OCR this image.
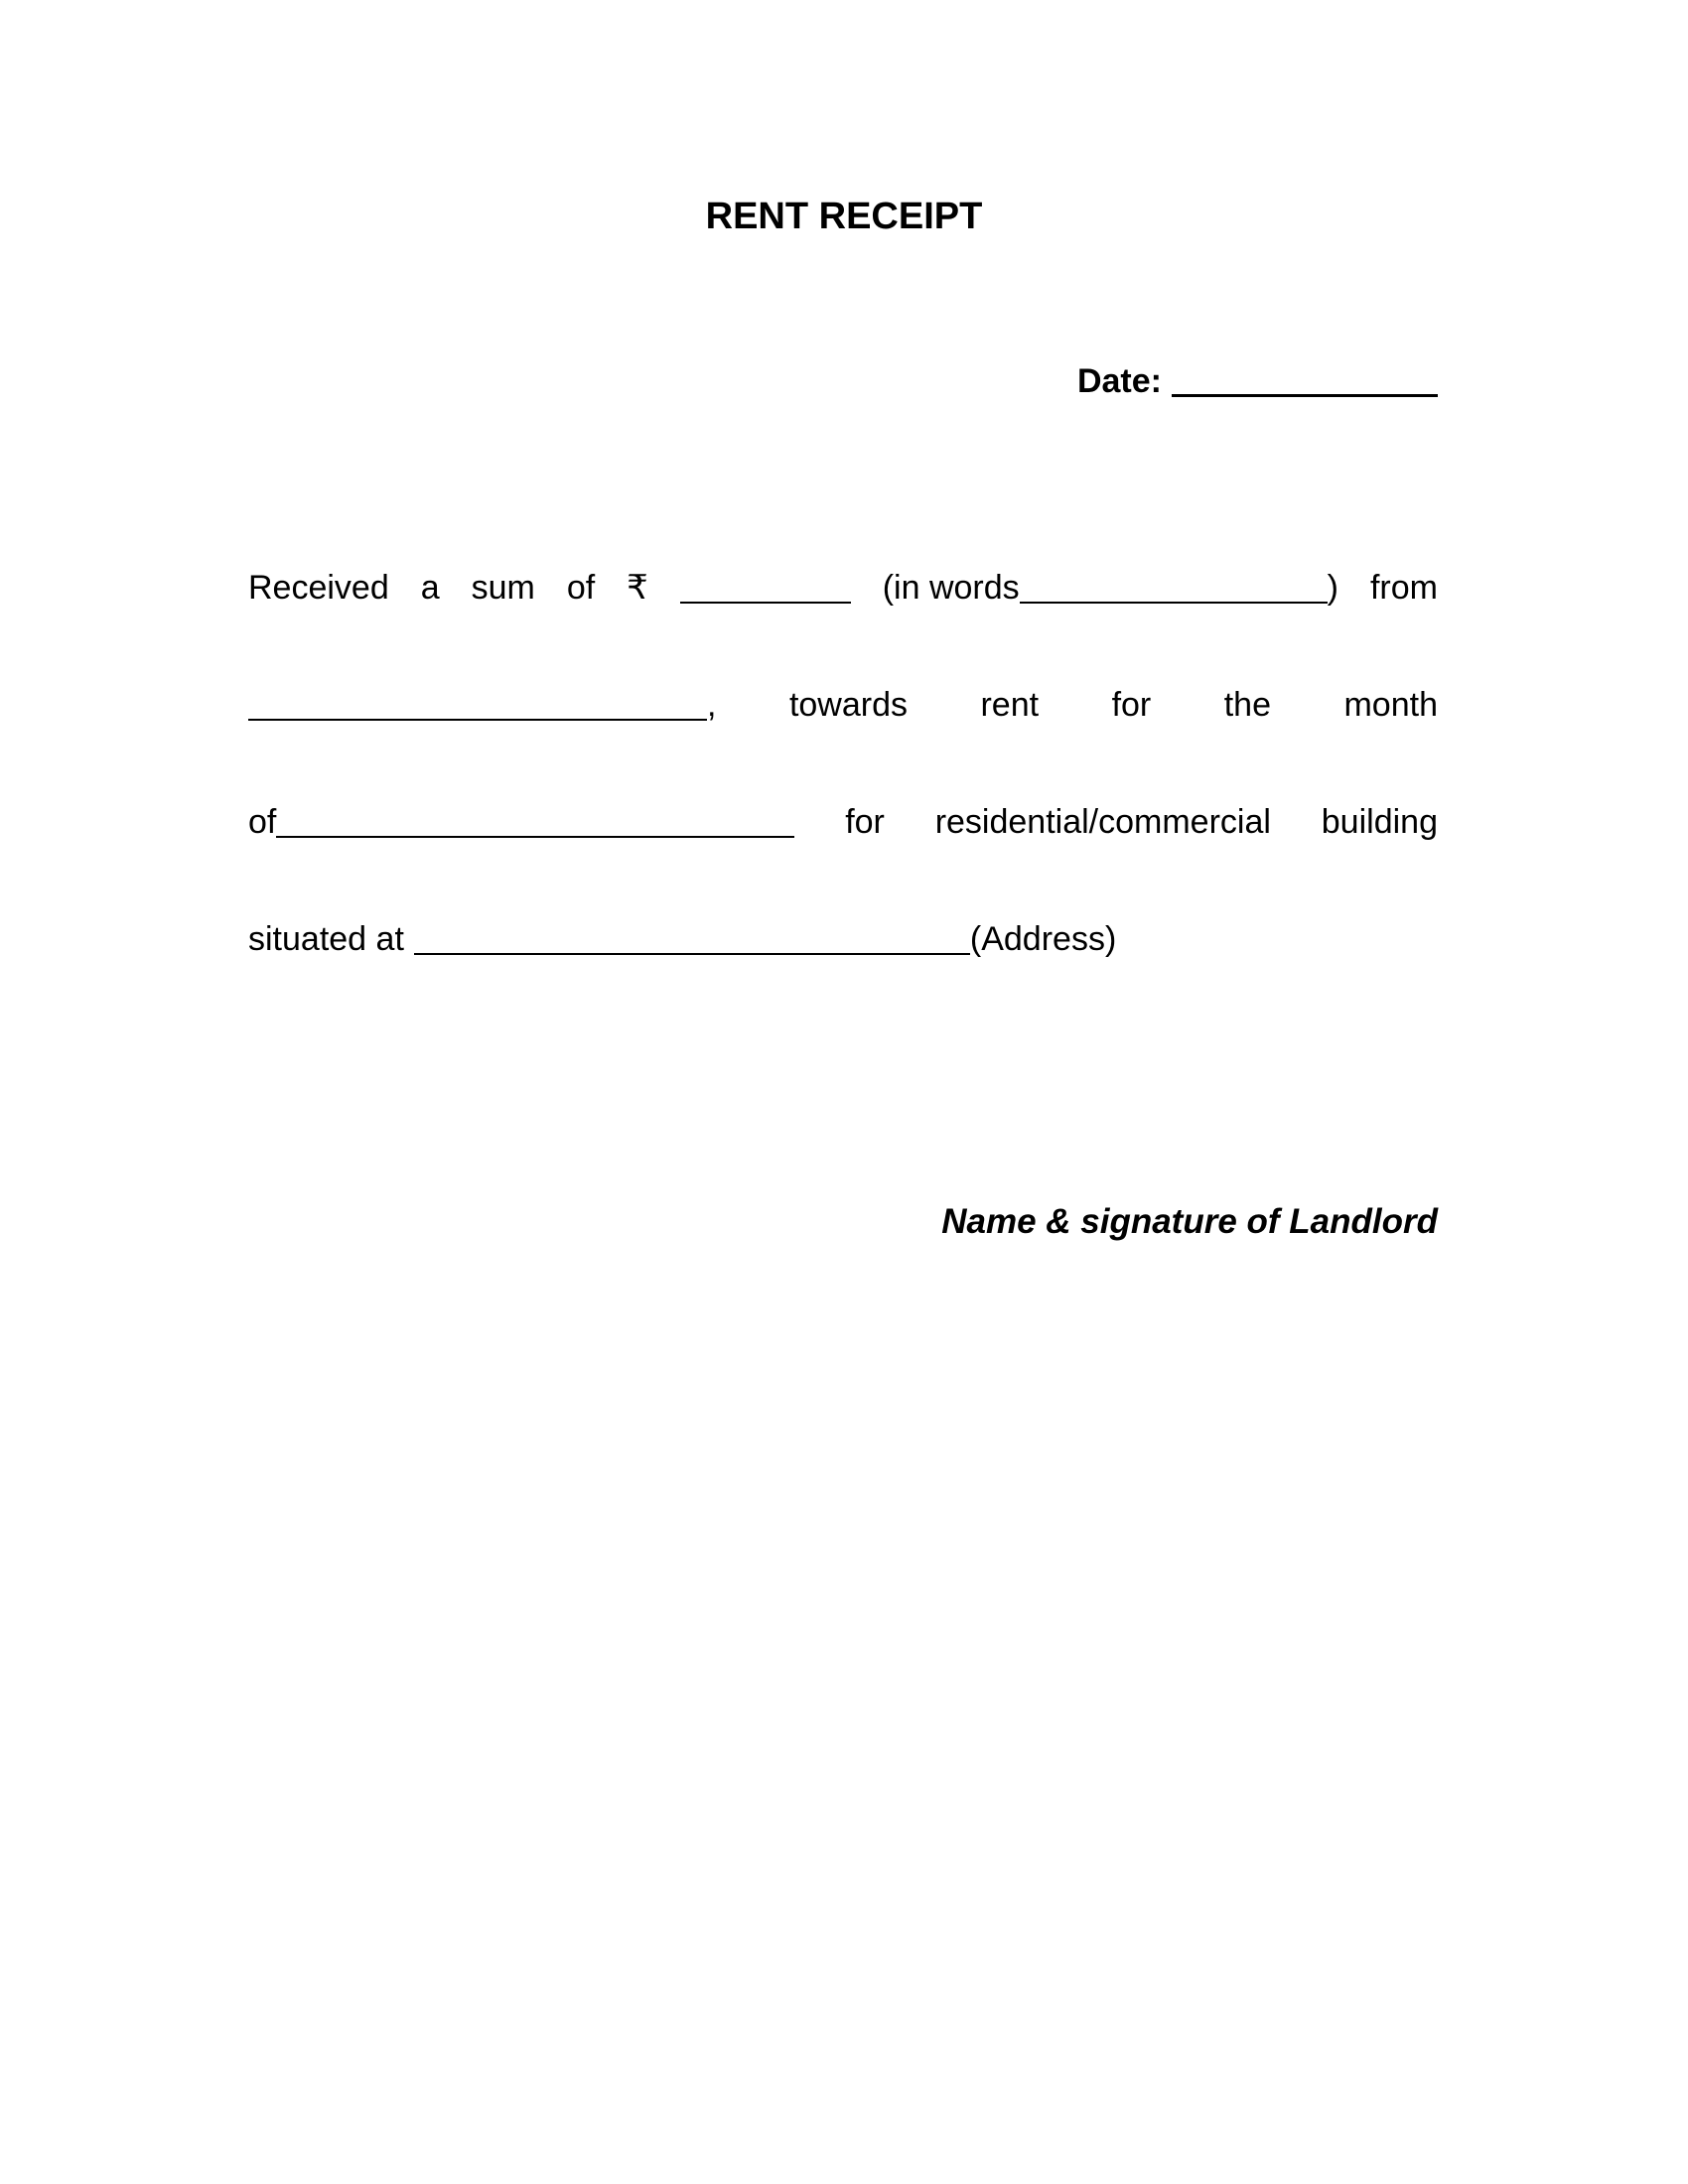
RENT RECEIPT
Date:
Received a sum of ₹	(in words	) from
, towards rent for the month
of	for residential/commercial building
situated at	(Address)
Name & signature of Landlord
